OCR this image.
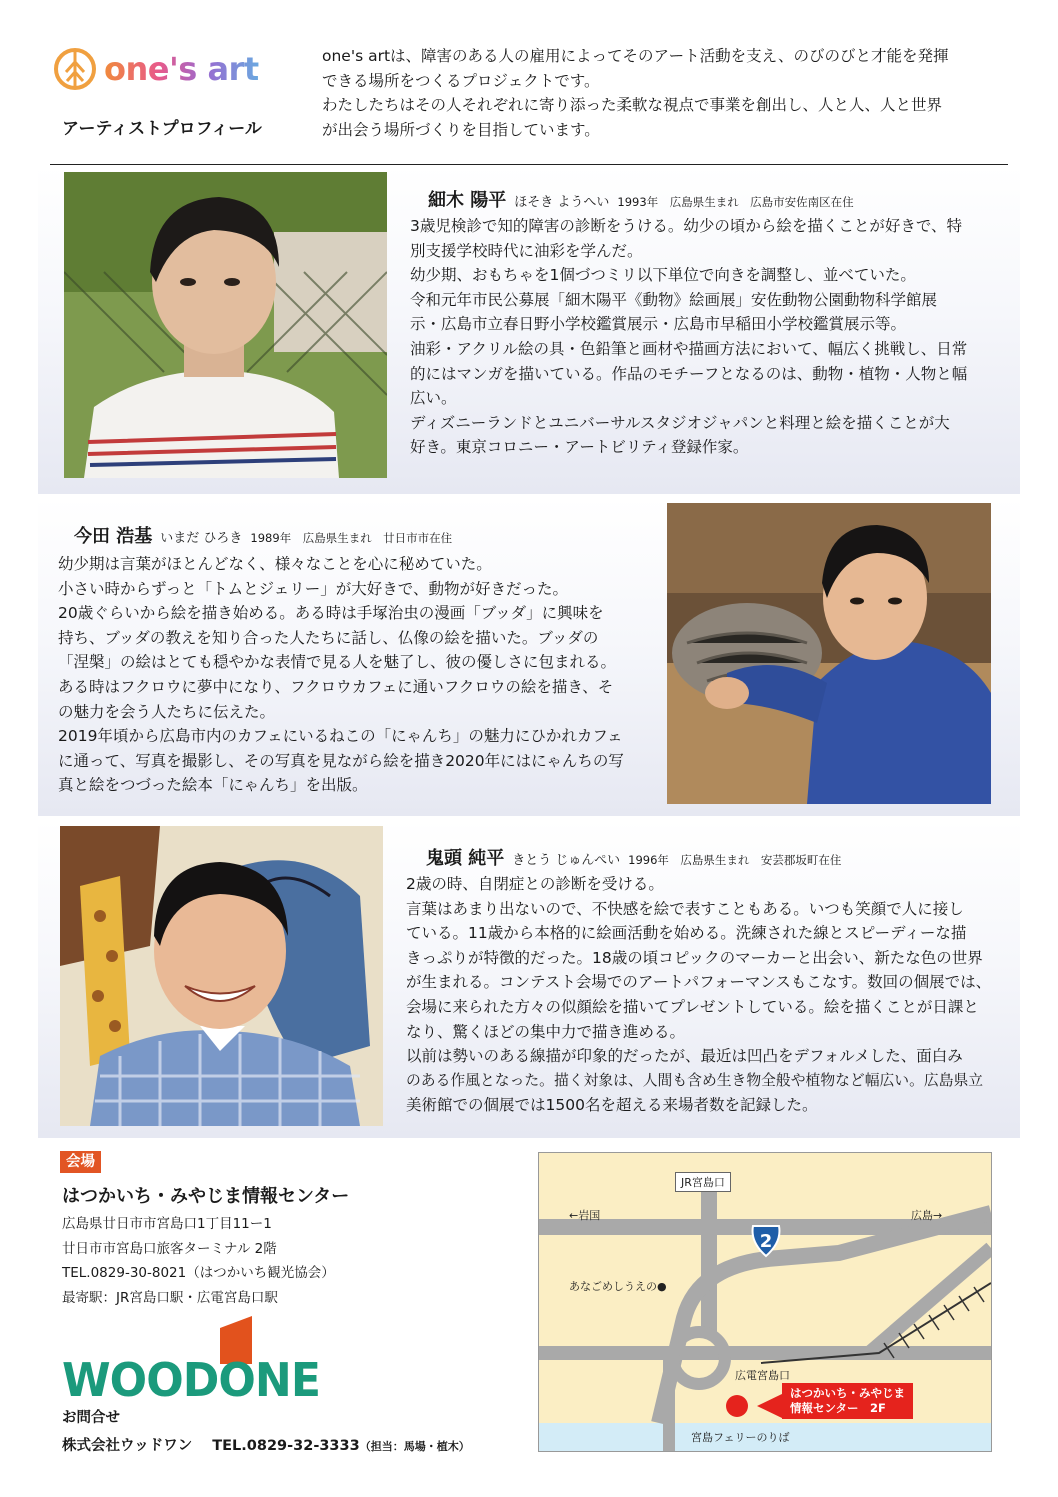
one's art
アーティストプロフィール

one's artは、障害のある人の雇用によってそのアート活動を支え、のびのびと才能を発揮

できる場所をつくるプロジェクトです。

わたしたちはその人それぞれに寄り添った柔軟な視点で事業を創出し、人と人、人と世界

が出会う場所づくりを目指しています。

細木 陽平 ほそき ようへい 1993年　広島県生まれ　広島市安佐南区在住
3歳児検診で知的障害の診断をうける。幼少の頃から絵を描くことが好きで、特
別支援学校時代に油彩を学んだ。
幼少期、おもちゃを1個づつミリ以下単位で向きを調整し、並べていた。
令和元年市民公募展「細木陽平《動物》絵画展」安佐動物公園動物科学館展
示・広島市立春日野小学校鑑賞展示・広島市早稲田小学校鑑賞展示等。
油彩・アクリル絵の具・色鉛筆と画材や描画方法において、幅広く挑戦し、日常
的にはマンガを描いている。作品のモチーフとなるのは、動物・植物・人物と幅
広い。
ディズニーランドとユニバーサルスタジオジャパンと料理と絵を描くことが大
好き。東京コロニー・アートビリティ登録作家。
今田 浩基 いまだ ひろき 1989年　広島県生まれ　廿日市市在住
幼少期は言葉がほとんどなく、様々なことを心に秘めていた。
小さい時からずっと「トムとジェリー」が大好きで、動物が好きだった。
20歳ぐらいから絵を描き始める。ある時は手塚治虫の漫画「ブッダ」に興味を
持ち、ブッダの教えを知り合った人たちに話し、仏像の絵を描いた。ブッダの
「涅槃」の絵はとても穏やかな表情で見る人を魅了し、彼の優しさに包まれる。
ある時はフクロウに夢中になり、フクロウカフェに通いフクロウの絵を描き、そ
の魅力を会う人たちに伝えた。
2019年頃から広島市内のカフェにいるねこの「にゃんち」の魅力にひかれカフェ
に通って、写真を撮影し、その写真を見ながら絵を描き2020年にはにゃんちの写
真と絵をつづった絵本「にゃんち」を出版。
鬼頭 純平 きとう じゅんぺい 1996年　広島県生まれ　安芸郡坂町在住
2歳の時、自閉症との診断を受ける。
言葉はあまり出ないので、不快感を絵で表すこともある。いつも笑顔で人に接し
ている。11歳から本格的に絵画活動を始める。洗練された線とスピーディーな描
きっぷりが特徴的だった。18歳の頃コピックのマーカーと出会い、新たな色の世界
が生まれる。コンテスト会場でのアートパフォーマンスもこなす。数回の個展では、
会場に来られた方々の似顔絵を描いてプレゼントしている。絵を描くことが日課と
なり、驚くほどの集中力で描き進める。
以前は勢いのある線描が印象的だったが、最近は凹凸をデフォルメした、面白み
のある作風となった。描く対象は、人間も含め生き物全般や植物など幅広い。広島県立
美術館での個展では1500名を超える来場者数を記録した。
会場
はつかいち・みやじま情報センター
広島県廿日市市宮島口1丁目11ー1
廿日市市宮島口旅客ターミナル 2階
TEL.0829-30-8021（はつかいち観光協会）
最寄駅：JR宮島口駅・広電宮島口駅
WOODONE
お問合せ
株式会社ウッドワン TEL.0829-32-3333（担当：馬場・植木）
JR宮島口
←岩国	広島→
2
あなごめしうえの●
広電宮島口
はつかいち・みやじま
情報センター　2F
宮島フェリーのりば
